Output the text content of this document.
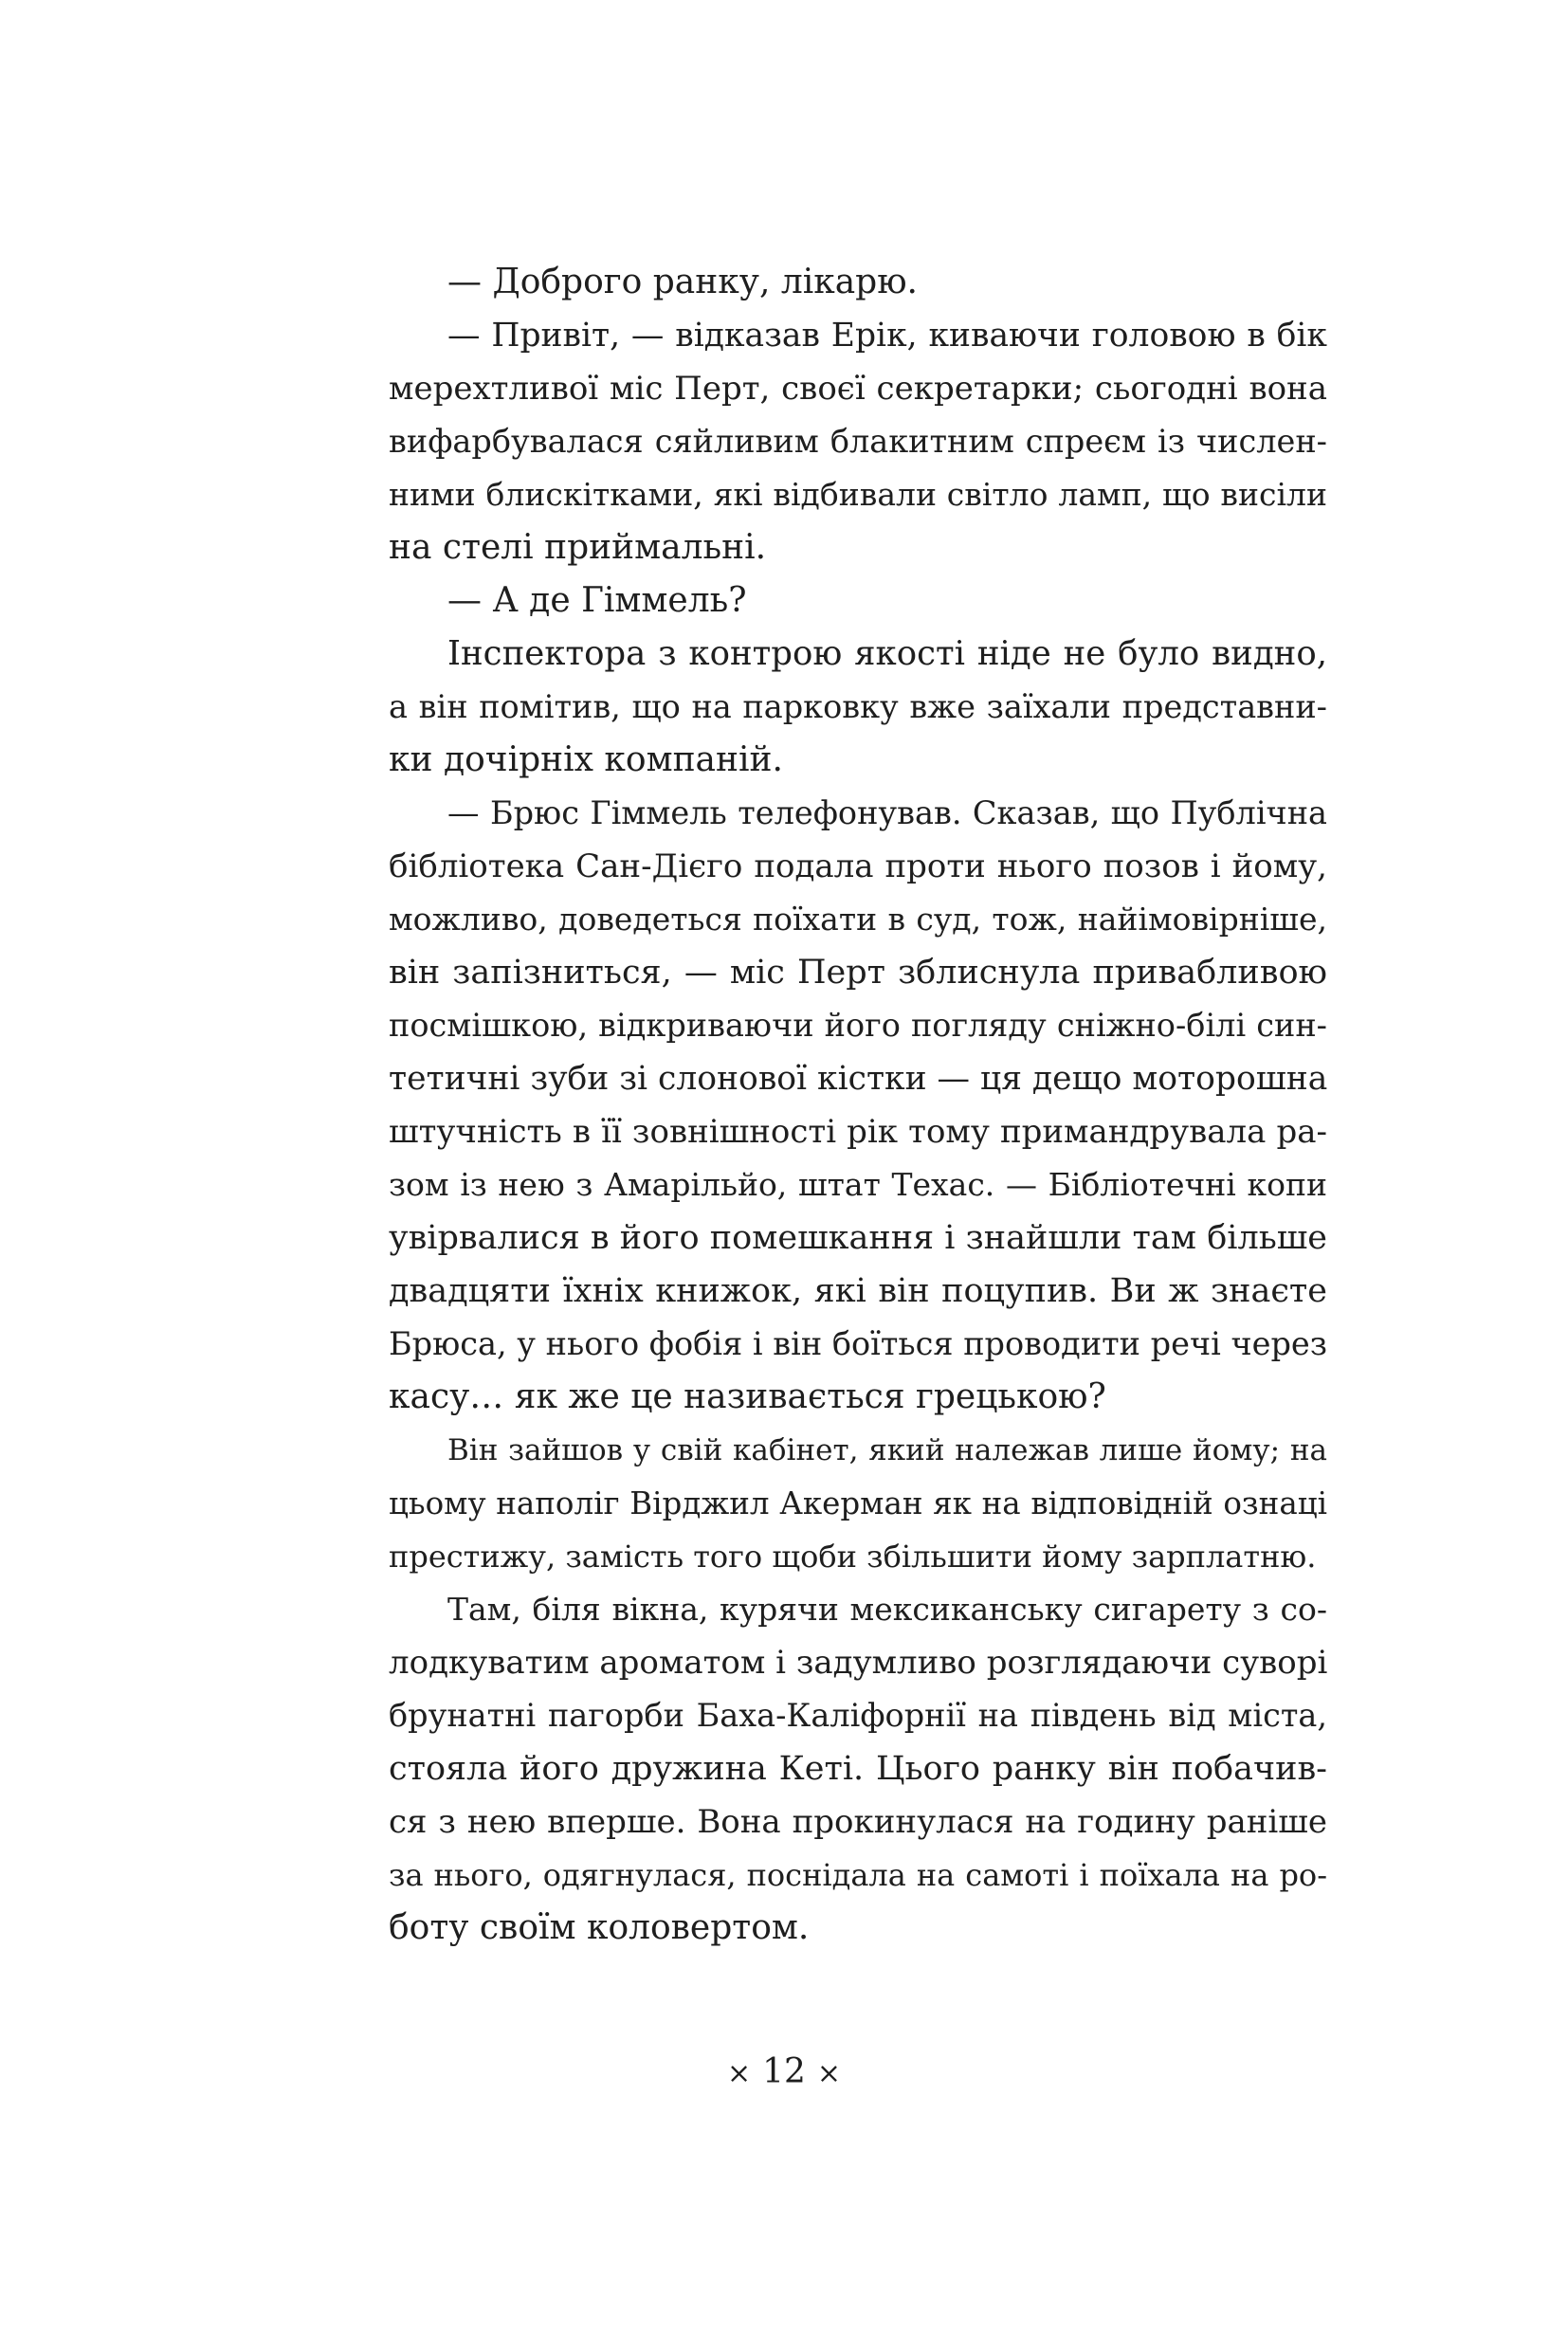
— Доброго ранку, лікарю.
— Привіт, — відказав Ерік, киваючи головою в бік
мерехтливої міс Перт, своєї секретарки; сьогодні вона
вифарбувалася сяйливим блакитним спреєм із числен-
ними блискітками, які відбивали світло ламп, що висіли
на стелі приймальні.
— А де Гіммель?
Інспектора з контрою якості ніде не було видно,
а він помітив, що на парковку вже заїхали представни-
ки дочірніх компаній.
— Брюс Гіммель телефонував. Сказав, що Публічна
бібліотека Сан-Дієго подала проти нього позов і йому,
можливо, доведеться поїхати в суд, тож, найімовірніше,
він запізниться, — міс Перт зблиснула привабливою
посмішкою, відкриваючи його погляду сніжно-білі син-
тетичні зуби зі слонової кістки — ця дещо моторошна
штучність в її зовнішності рік тому примандрувала ра-
зом із нею з Амарільйо, штат Техас. — Бібліотечні копи
увірвалися в його помешкання і знайшли там більше
двадцяти їхніх книжок, які він поцупив. Ви ж знаєте
Брюса, у нього фобія і він боїться проводити речі через
касу… як же це називається грецькою?
Він зайшов у свій кабінет, який належав лише йому; на
цьому наполіг Вірджил Акерман як на відповідній ознаці
престижу, замість того щоби збільшити йому зарплатню.
Там, біля вікна, курячи мексиканську сигарету з со-
лодкуватим ароматом і задумливо розглядаючи суворі
брунатні пагорби Баха-Каліфорнії на південь від міста,
стояла його дружина Кеті. Цього ранку він побачив-
ся з нею вперше. Вона прокинулася на годину раніше
за нього, одягнулася, поснідала на самоті і поїхала на ро-
боту своїм коловертом.
× 12 ×
